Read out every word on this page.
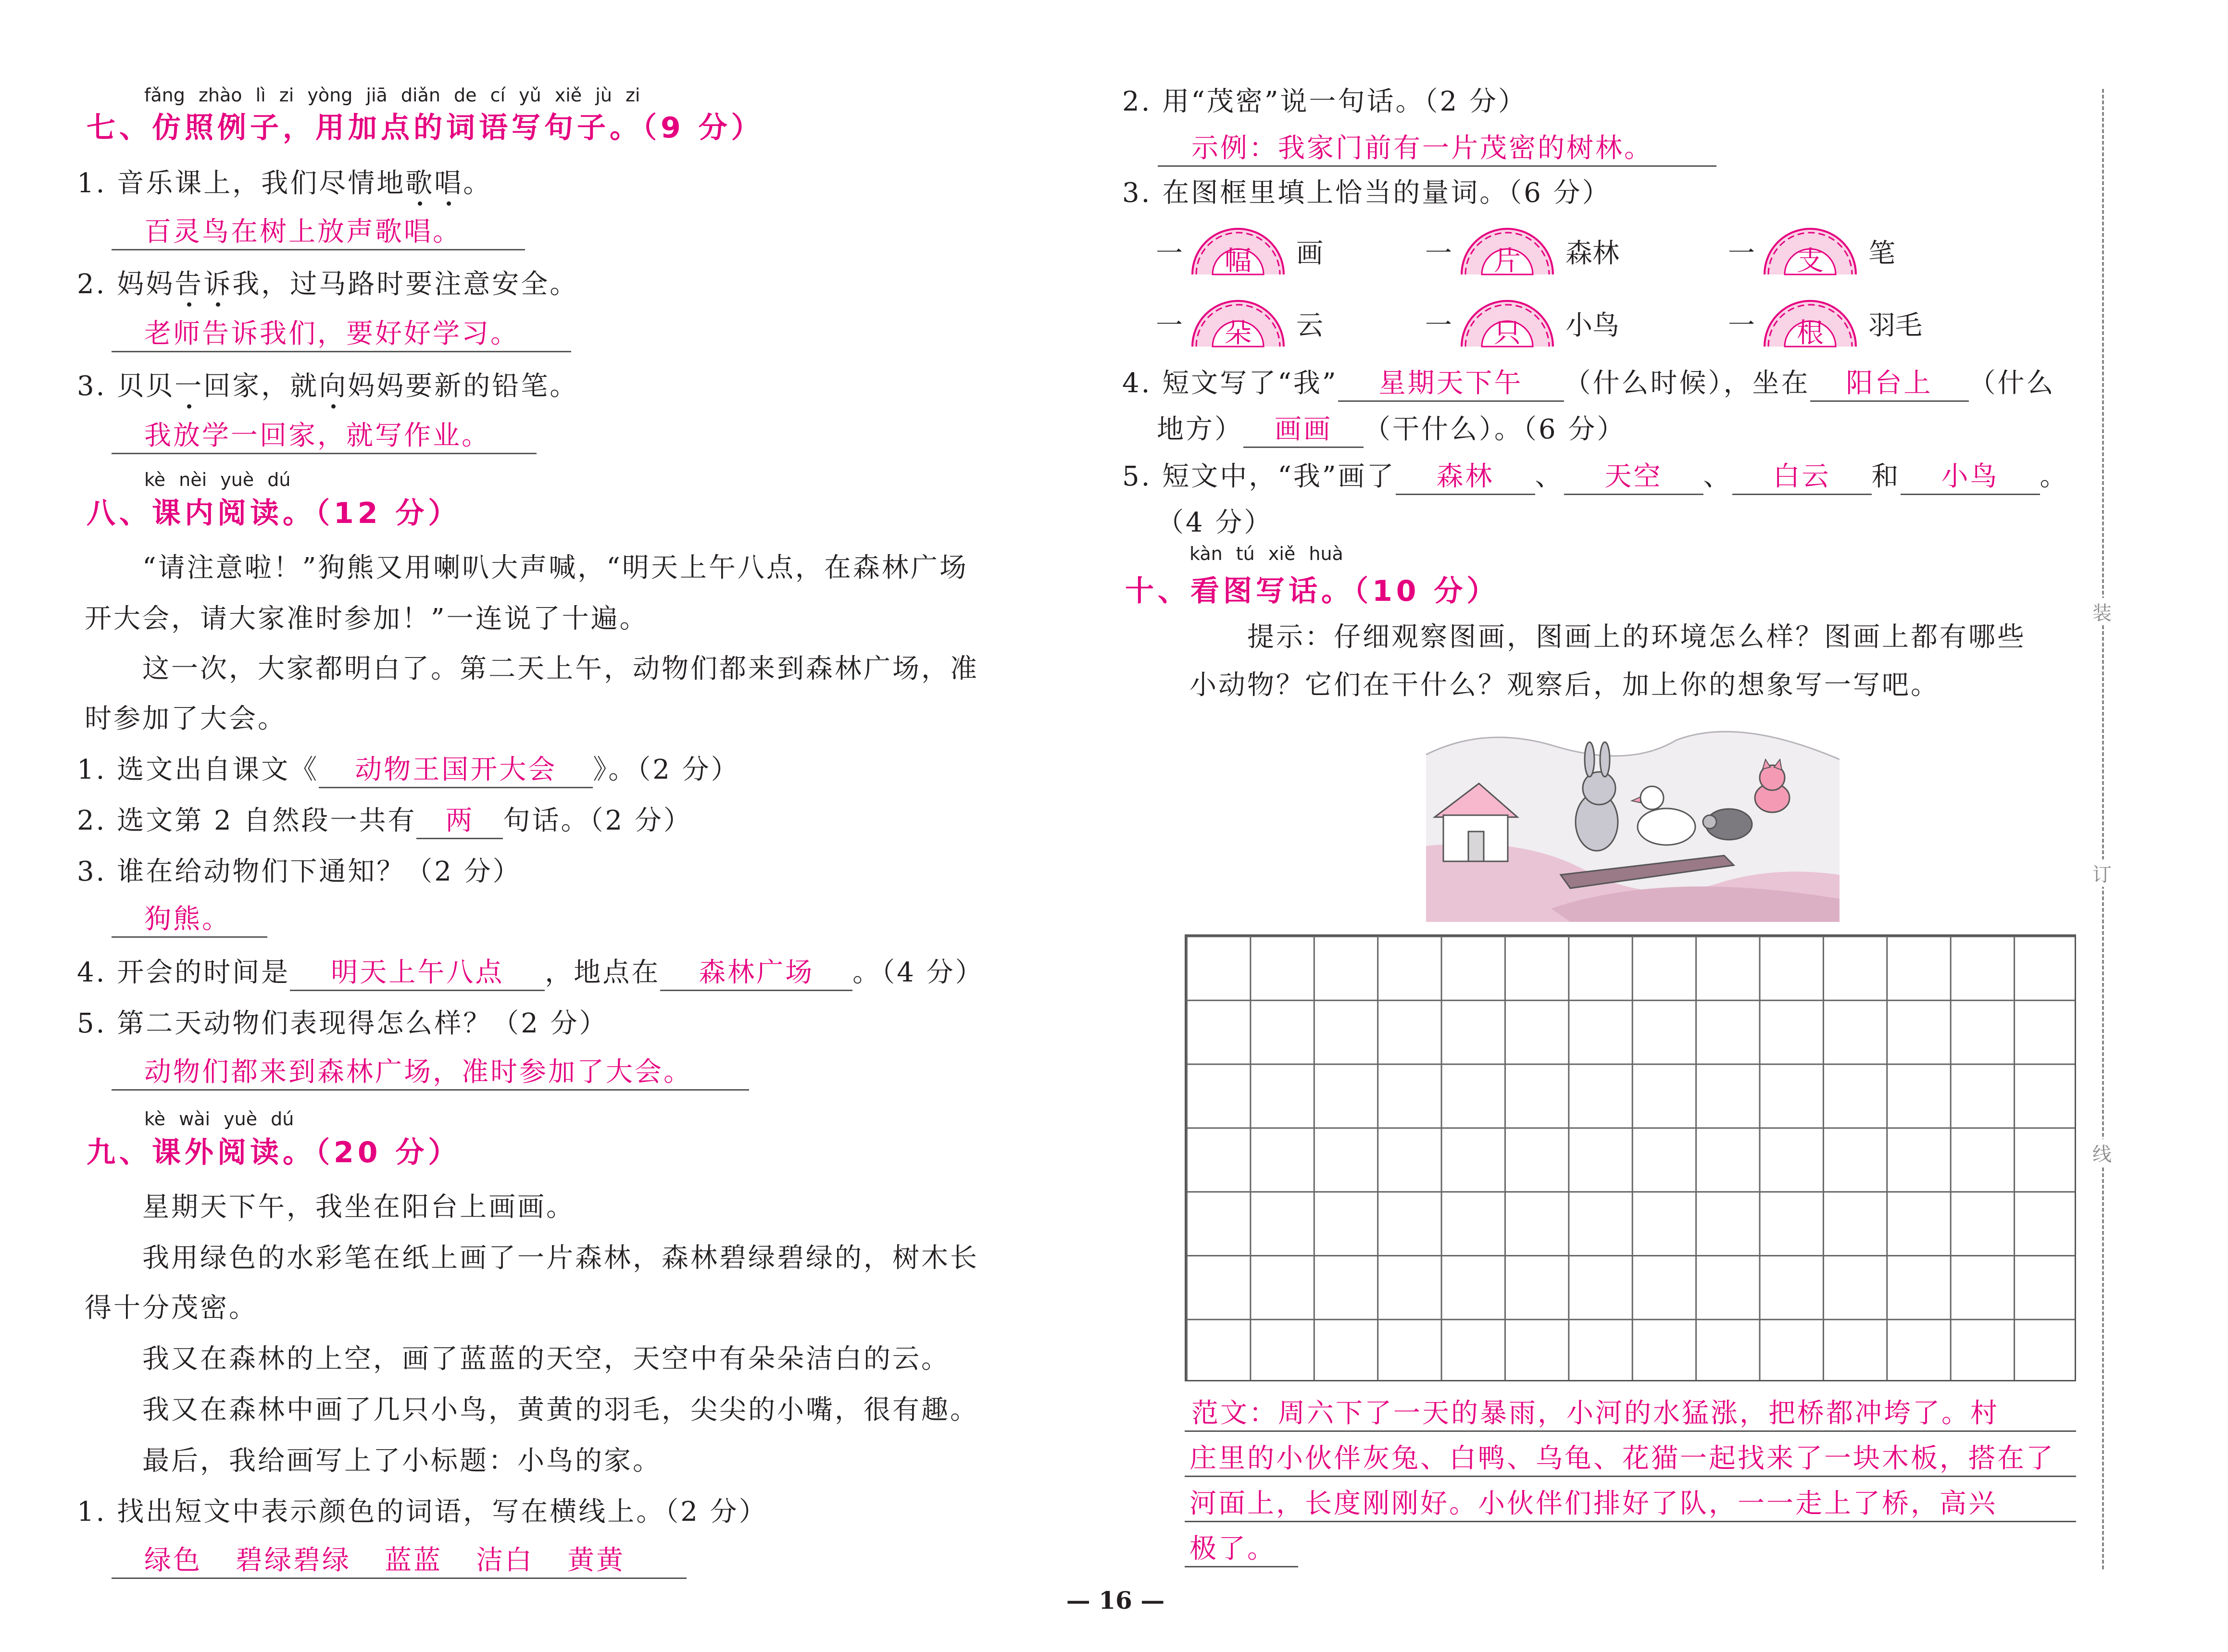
fǎng zhào lì zi yòng jiā diǎn de cí yǔ xiě jù zi
七、仿照例子，用加点的词语写句子。（9 分）
1. 音乐课上，我们尽情地歌唱。
百灵鸟在树上放声歌唱。
2. 妈妈告诉我，过马路时要注意安全。
老师告诉我们，要好好学习。
3. 贝贝一回家，就向妈妈要新的铅笔。
我放学一回家，就写作业。
kè nèi yuè dú
八、课内阅读。（12 分）
“请注意啦！”狗熊又用喇叭大声喊，“明天上午八点，在森林广场
开大会，请大家准时参加！”一连说了十遍。
这一次，大家都明白了。第二天上午，动物们都来到森林广场，准
时参加了大会。
1. 选文出自课文《 动物王国开大会 》。（2 分）
2. 选文第 2 自然段一共有 两 句话。（2 分）
3. 谁在给动物们下通知？（2 分）
狗熊。
4. 开会的时间是 明天上午八点 ，地点在 森林广场 。（4 分）
5. 第二天动物们表现得怎么样？（2 分）
动物们都来到森林广场，准时参加了大会。
kè wài yuè dú
九、课外阅读。（20 分）
星期天下午，我坐在阳台上画画。
我用绿色的水彩笔在纸上画了一片森林，森林碧绿碧绿的，树木长
得十分茂密。
我又在森林的上空，画了蓝蓝的天空，天空中有朵朵洁白的云。
我又在森林中画了几只小鸟，黄黄的羽毛，尖尖的小嘴，很有趣。
最后，我给画写上了小标题：小鸟的家。
1. 找出短文中表示颜色的词语，写在横线上。（2 分）
绿色 碧绿碧绿 蓝蓝 洁白 黄黄
2. 用“茂密”说一句话。（2 分）
示例：我家门前有一片茂密的树林。
3. 在图框里填上恰当的量词。（6 分）
一	幅	画	一	片	森林	一	支	笔
一	朵	云	一	只	小鸟	一	根	羽毛
4. 短文写了“我” 星期天下午 （什么时候），坐在 阳台上 （什么
地方） 画画 （干什么）。（6 分）
5. 短文中，“我”画了 森林 、 天空 、 白云 和 小鸟 。
（4 分）
kàn tú xiě huà
十、看图写话。（10 分）
提示：仔细观察图画，图画上的环境怎么样？图画上都有哪些
小动物？它们在干什么？观察后，加上你的想象写一写吧。
范文：周六下了一天的暴雨，小河的水猛涨，把桥都冲垮了。村
庄里的小伙伴灰兔、白鸭、乌龟、花猫一起找来了一块木板，搭在了
河面上，长度刚刚好。小伙伴们排好了队，一一走上了桥，高兴
极了。
装
订
线
— 16 —
